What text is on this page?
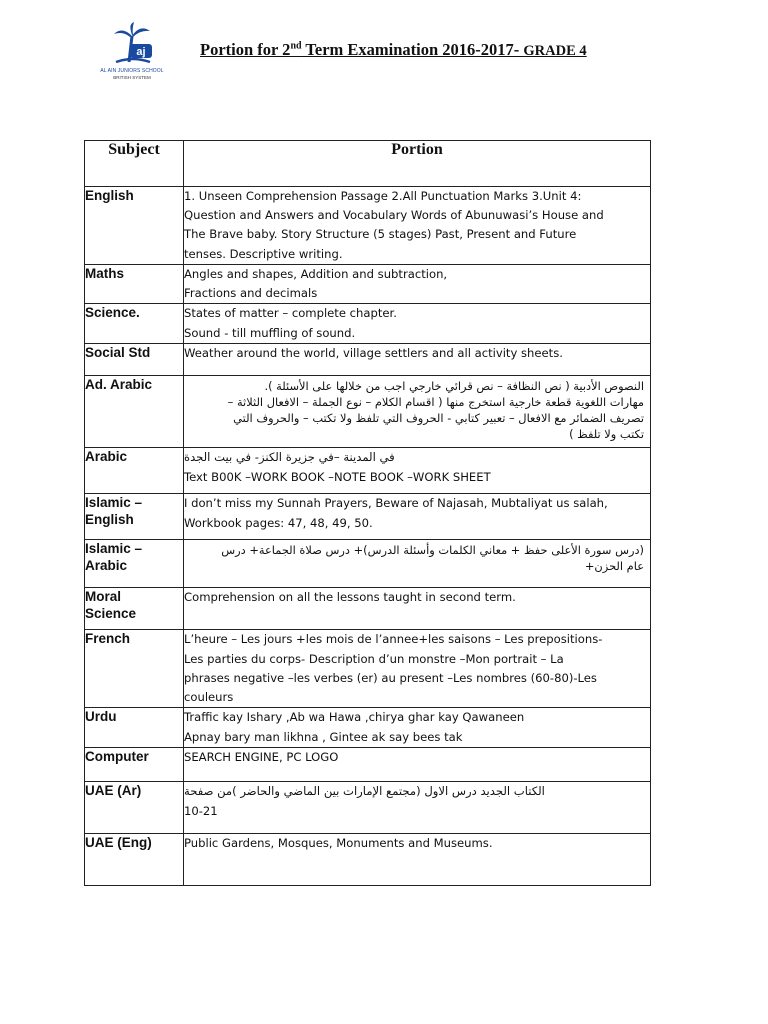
aj
AL AIN JUNIORS SCHOOL
BRITISH SYSTEM
Portion for 2nd Term Examination 2016-2017- GRADE 4
Subject	Portion
English	1. Unseen Comprehension Passage 2.All Punctuation Marks 3.Unit 4:
Question and Answers and Vocabulary Words of Abunuwasi’s House and
The Brave baby. Story Structure (5 stages) Past, Present and Future
tenses. Descriptive writing.

Maths	Angles and shapes, Addition and subtraction,
Fractions and decimals

Science.	States of matter – complete chapter.
Sound - till muffling of sound.

Social Std	Weather around the world, village settlers and all activity sheets.

Ad. Arabic	النصوص الأدبية ( نص النظافة – نص قرائي خارجي اجب من خلالها على الأسئلة ).
مهارات اللغوية قطعة خارجية استخرج منها ( اقسام الكلام – نوع الجملة – الافعال الثلاثة –
تصريف الضمائر مع الافعال – تعبير كتابي - الحروف التي تلفظ ولا تكتب – والحروف التي
تكتب ولا تلفظ )

Arabic	في المدينة –في جزيرة الكنز- في بيت الجدة
Text B00K –WORK BOOK –NOTE BOOK –WORK SHEET

Islamic –
English	I don’t miss my Sunnah Prayers, Beware of Najasah, Mubtaliyat us salah,
Workbook pages: 47, 48, 49, 50.

Islamic –
Arabic	(درس سورة الأعلى حفظ + معاني الكلمات وأسئلة الدرس)+ درس صلاة الجماعة+ درس
عام الحزن+

Moral
Science	Comprehension on all the lessons taught in second term.

French	L’heure – Les jours +les mois de l’annee+les saisons – Les prepositions-
Les parties du corps- Description d’un monstre –Mon portrait – La
phrases negative –les verbes (er) au present –Les nombres (60-80)-Les
couleurs

Urdu	Traffic kay Ishary ,Ab wa Hawa ,chirya ghar kay Qawaneen
Apnay bary man likhna , Gintee ak say bees tak

Computer	SEARCH ENGINE, PC LOGO

UAE (Ar)	الكتاب الجديد درس الاول (مجتمع الإمارات بين الماضي والحاضر )من صفحة
10-21

UAE (Eng)	Public Gardens, Mosques, Monuments and Museums.
